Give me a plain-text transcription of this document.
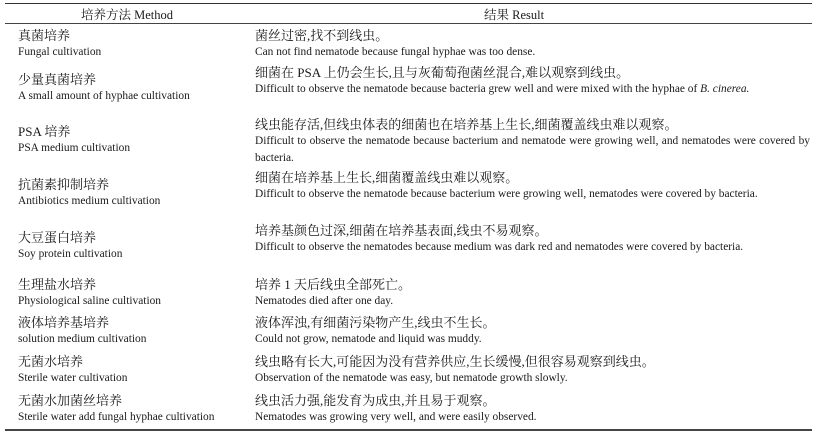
培养方法 Method	结果 Result
真菌培养
Fungal cultivation
菌丝过密,找不到线虫。
Can not find nematode because fungal hyphae was too dense.
少量真菌培养
A small amount of hyphae cultivation
细菌在 PSA 上仍会生长,且与灰葡萄孢菌丝混合,难以观察到线虫。
Difficult to observe the nematode because bacteria grew well and were mixed with the hyphae of B. cinerea.
PSA 培养
PSA medium cultivation
线虫能存活,但线虫体表的细菌也在培养基上生长,细菌覆盖线虫难以观察。
Difficult to observe the nematode because bacterium and nematode were growing well, and nematodes were covered by bacteria.
抗菌素抑制培养
Antibiotics medium cultivation
细菌在培养基上生长,细菌覆盖线虫难以观察。
Difficult to observe the nematode because bacterium were growing well, nematodes were covered by bacteria.
大豆蛋白培养
Soy protein cultivation
培养基颜色过深,细菌在培养基表面,线虫不易观察。
Difficult to observe the nematodes because medium was dark red and nematodes were covered by bacteria.
生理盐水培养
Physiological saline cultivation
培养 1 天后线虫全部死亡。
Nematodes died after one day.
液体培养基培养
solution medium cultivation
液体浑浊,有细菌污染物产生,线虫不生长。
Could not grow, nematode and liquid was muddy.
无菌水培养
Sterile water cultivation
线虫略有长大,可能因为没有营养供应,生长缓慢,但很容易观察到线虫。
Observation of the nematode was easy, but nematode growth slowly.
无菌水加菌丝培养
Sterile water add fungal hyphae cultivation
线虫活力强,能发育为成虫,并且易于观察。
Nematodes was growing very well, and were easily observed.
